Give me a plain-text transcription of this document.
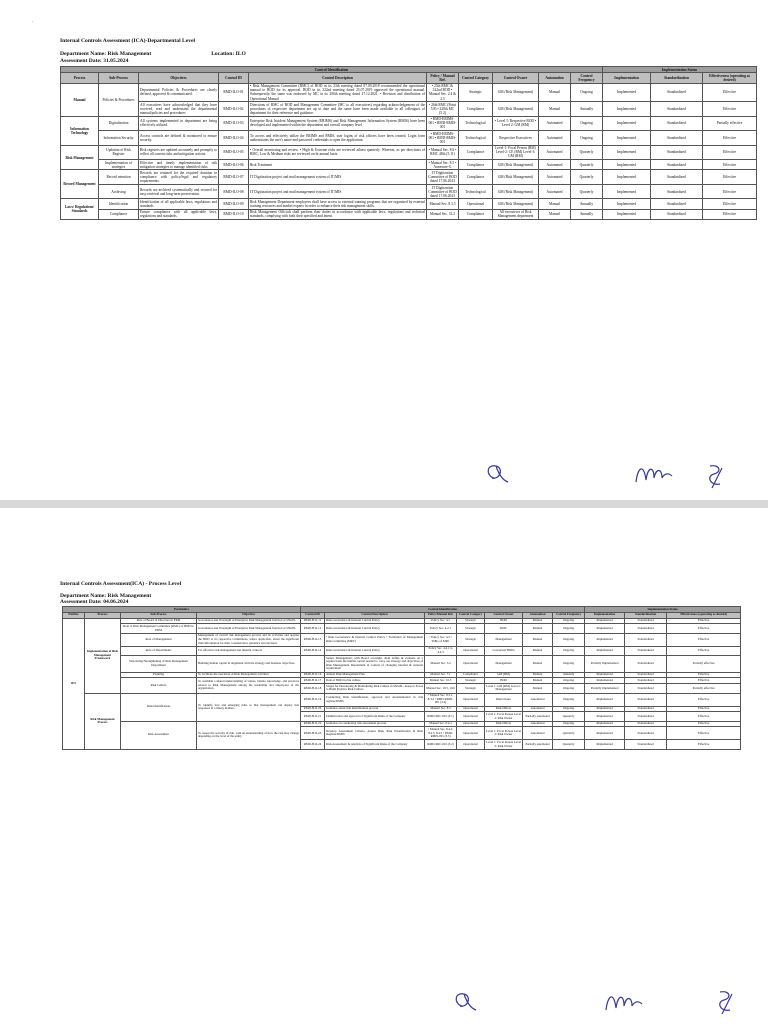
.
Internal Controls Assessment (ICA)-Departmental Level
Department Name: Risk Management	Location: ILO
Assessment Date: 31.05.2024
Control Identification										Implementation Status		
Process	Sub-Process	Objectives	Control ID	Control Description	Policy / Manual Ref.	Control Category	Control Owner	Automation	Control Frequency	Implementation	Standardization	Effectiveness (operating as desired)
Manual	Policies & Procedures	Departmental Policies & Procedures are clearly defined, approved & communicated.	RMD-ILO-01	• Risk Management Committee (RMC) of BOD in its 23th meeting dated 07.09.2018 recommended the operational manual to BOD for its approval. BOD in its 322nd meeting dated 25.07.2019 approved the operational manual. Subsequently, the same was endorsed by MC in its 206th meeting dated 27.12.2021. • Revision and distribution of Operational Manual	• 25th RMC & 322nd BOD • Manual Sec. 2.4 & 2.5	Strategic	GM (Risk Management)	Manual	Ongoing	Implemented	Standardized	Effective
		All executives have acknowledged that they have received, read and understand the departmental manual/policies and procedures	RMD-ILO-02	Directions of RMC of BOD and Management Committee (MC to all executives) regarding acknowledgement of the procedures of respective department are up to date and the same have been made available to all colleagues of department for their reference and guidance.	• 26th RMC (Point 5.8) • 220th MC (5.2)	Compliance	GM (Risk Management)	Manual	Annually	Implemented	Standardized	Effective
Information Technology	Digitalization	All systems implemented in department are being effectively utilized.	RMD-ILO-03	Enterprise Risk Incident Management System (ERIMS) and Risk Management Information System (RMIS) have been developed and implemented within the department and overall company level.	• RMD-ERIMS-001 • RMD-RMIS-001	Technological	• Level 1: Respective BOD • Level 2: GM (RM)	Automated	Ongoing	Implemented	Standardized	Partially effective
	Information Security	Access controls are defined & monitored to ensure security.	RMD-ILO-04	To access and effectively utilize the ERIMS and RMIS, user logins of risk officers have been created. Login form authenticates the user's name and password credentials to open the application.	• RMD-ERIMS-001 • RMD-RMIS-001	Technological	Respective Executives	Automated	Ongoing	Implemented	Standardized	Effective
Risk Management	Updation of Risk Register	Risk registers are updated accurately and promptly to reflect all current risks and mitigation actions.	RMD-ILO-05	• Overall monitoring and review. • High & Extreme risks are reviewed atleast quarterly. Whereas, as per directions of RMC, Low & Medium risks are reviewed on bi-annual basis.	• Manual Sec. 8.6 • RMC 48th (5.11)	Compliance	Level-1: Focal Person (RM) Level-2: CE (RM) Level-3: GM (RM)	Automated	Quarterly	Implemented	Standardized	Effective
	Implementation of strategies	Effective and timely implementation of risk mitigation strategies to manage identified risks.	RMD-ILO-06	Risk Treatment	• Manual Sec. 8.5 • Annexure-G	Compliance	GM (Risk Management)	Automated	Quarterly	Implemented	Standardized	Effective
Record Management	Record retention	Records are retained for the required duration in compliance with policy/legal and regulatory requirements.	RMD-ILO-07	IT Digitization project and mail management system of IT/MIS	IT Digitization Committee of BOD dated 17.06.2023	Compliance	GM (Risk Management)	Automated	Quarterly	Implemented	Standardized	Effective
	Archiving	Records are archived systematically and secured for easy retrieval and long-term preservation.	RMD-ILO-08	IT Digitization project and mail management system of IT/MIS	IT Digitization Committee of BOD dated 17.06.2023	Technological	GM (Risk Management)	Automated	Quarterly	Implemented	Standardized	Effective
Laws/ Regulations/ Standards	Identification	Identification of all applicable laws, regulations and standards	RMD-ILO-09	Risk Management Department employees shall have access to external training programs that are organized by external training resources and market experts in order to enhance their risk management skills.	Manual Sec. 8.3.5	Operational	GM (Risk Management)	Manual	Annually	Implemented	Standardized	Effective
	Compliance	Ensure compliance with all applicable laws, regulations and standards.	RMD-ILO-10	Risk Management Officials shall perform their duties in accordance with applicable laws, regulations and technical standards, complying with both their specified and intent.	Manual Sec. 31.2	Compliance	All executives of Risk Management department	Manual	Annually	Implemented	Standardized	Effective
Internal Controls Assessment(ICA) - Process Level
Department Name: Risk Management
Assessment Date: 04.06.2024
Particulars				Control Identification							Implementation Status		
Entities	Process	Sub-Process	Objective	Control ID	Control Description	Policy/Manual Ref.	Control Category	Control Owner	Automation	Control Frequency	Implementation	Standardization	Effectiveness (operating as desired)
BO	Implementation of Risk Management Framework	Role of Board of Directors in ERM	Governance and Oversight of Enterprise Risk Management function at SNGPL	RMD-H.O-11	Risk Governance & Internal Control Policy	Policy Sec. 4.1	Strategic	BOD	Manual	Ongoing	Implemented	Standardized	Effective
		Role of Risk Management Committee (RMC) of BOD in ERM	Governance and Oversight of Enterprise Risk Management function at SNGPL	RMD-H.O-12	Risk Governance & Internal Control Policy	Policy Sec. 4.2.1	Strategic	RMC	Manual	Ongoing	Implemented	Standardized	Effective
		Role of Management	Management of overall risk management process and its activities and apprise the BOD or its respective Committees, where applicable, about the significant risks/information for their consideration, guidance and decision.	RMD-H.O-13	• Risk Governance & Internal Control Policy • Formation of Management Risk Committee (MRC)	• Policy Sec. 4.3 • TORs of MRC	Strategic	Management	Manual	Ongoing	Implemented	Standardized	Effective
		Role of Departments	For effective risk management and internal controls	RMD-H.O-14	Risk Governance & Internal Control Policy	Policy Sec. 4.4.1 to 4.4.3	Operational	Concerned HODs	Manual	Ongoing	Implemented	Standardized	Effective
		Structuring/Strengthening of Risk Management Department	Building human capital in alignment with the strategy and business objectives		Senior Management, with Board oversight, shall define & evaluate on a regular basis the human capital needed to carry out strategy and objectives of Risk Management Department in context of changing internal & external requirement	Manual Sec. 3.4	Operational	Management	Manual	Ongoing	Partially Implemented	Standardized	Partially effective
		Planning	To facilitate the execution of Risk Management activities	RMD-H.O-16	Annual Risk Management Plan	Manual Sec. 7.1	Compliance	GM (RM)	Manual	Annually	Implemented	Standardized	Effective
		Risk Culture	To establish a shared understanding of values, beliefs, knowledge, and practices related to Risk Management among the leadership and employees of the organization	RMD-H.O-17	Role of BOD in risk culture	Manual Sec. 10.3	Strategic	BOD	Manual	Ongoing	Implemented	Standardized	Effective
				RMD-H.O-18	Stages for Developing & Maintaining Risk Culture in SNGPL, Areas to Focus to Build Positive Risk Culture	Manual Sec. 10.5, 10.6	Strategic	Level 1: GM (RM) Level 2: Management	Manual	Ongoing	Partially Implemented	Standardized	Partially effective
	Risk Management Process	Risk Identification	To identify new and emerging risks so that management can deploy risk responses in a timely manner.	RMD-H.O-19	Conducting Risk identification, approval and documentation in risk register/RMIS	• Manual Sec. 8.3.1, 8.3.4 • RMD-RMIS-001 (3.4)	Operational	Risk Owner	Automated	Ongoing	Implemented	Standardized	Effective
				RMD-H.O-20	Guidance about risk identification process	Manual Sec. 8.3	Operational	Risk Officer	Automated	Ongoing	Implemented	Standardized	Effective
				RMD-H.O-21	Identification and approval of Significant Risks of the Company	RMD-SRC-001 (3.1)	Operational	Level 1: Focal Person Level 2: Risk Owner	Partially automated	Quarterly	Implemented	Standardized	Effective
		Risk Assessment	To assess the severity of risk, with an understanding of how the risk may change depending on the level of the entity	RMD-H.O-22	Guidance on conducting risk assessment process	Manual Sec. 8.4.1	Operational	Risk Officer	Automated	Ongoing	Implemented	Standardized	Effective
				RMD-H.O-23	Develop Assessment Criteria, Assess Risk, Risk Prioritization in Risk Register/RMIS	• Manual Sec. 8.4.2, 8.4.3, 8.4.5 • RMD-RMIS-001 (3.5)	Operational	Level 1: Focal Person Level 2: Risk Owner	Automated	Quarterly	Implemented	Standardized	Effective
				RMD-H.O-24	Risk Assessment & Analysis of Significant Risks of the Company	RMD-SRC-001 (3.2)	Operational	Level 1: Focal Person Level 2: Risk Owner	Partially automated	Quarterly	Implemented	Standardized	Effective
